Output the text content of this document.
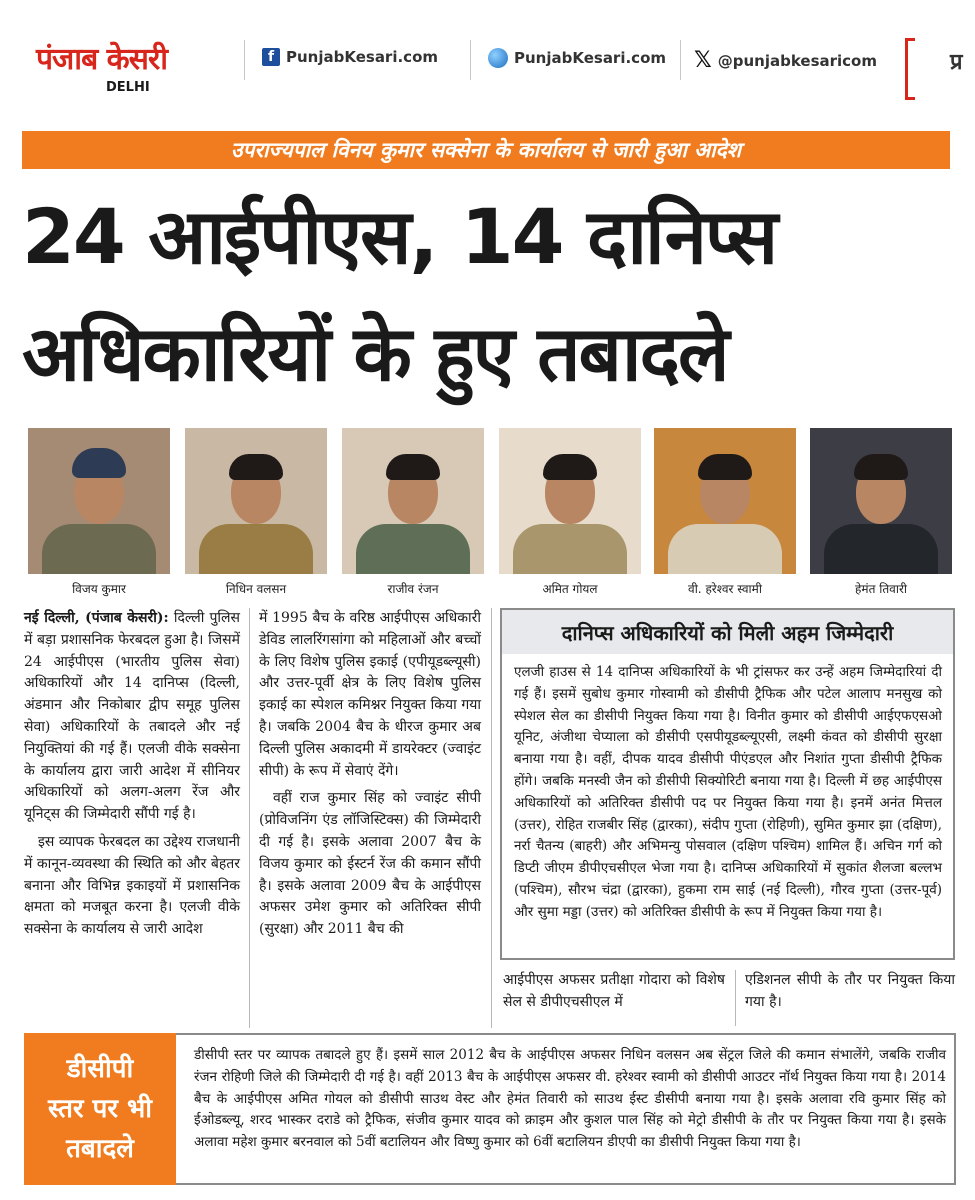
पंजाब केसरी
DELHI
f PunjabKesari.com	PunjabKesari.com 𝕏 @punjabkesaricom	प्र
उपराज्यपाल विनय कुमार सक्सेना के कार्यालय से जारी हुआ आदेश
24 आईपीएस, 14 दानिप्स
अधिकारियों के हुए तबादले
विजय कुमार	निधिन वलसन	राजीव रंजन	अमित गोयल	वी. हरेश्वर स्वामी	हेमंत तिवारी

नई दिल्ली, (पंजाब केसरी): दिल्ली पुलिस में बड़ा प्रशासनिक फेरबदल हुआ है। जिसमें 24 आईपीएस (भारतीय पुलिस सेवा) अधिकारियों और 14 दानिप्स (दिल्ली, अंडमान और निकोबार द्वीप समूह पुलिस सेवा) अधिकारियों के तबादले और नई नियुक्तियां की गई हैं। एलजी वीके सक्सेना के कार्यालय द्वारा जारी आदेश में सीनियर अधिकारियों को अलग-अलग रेंज और यूनिट्स की जिम्मेदारी सौंपी गई है।

इस व्यापक फेरबदल का उद्देश्य राजधानी में कानून-व्यवस्था की स्थिति को और बेहतर बनाना और विभिन्न इकाइयों में प्रशासनिक क्षमता को मजबूत करना है। एलजी वीके सक्सेना के कार्यालय से जारी आदेश

में 1995 बैच के वरिष्ठ आईपीएस अधिकारी डेविड लालरिंगसांगा को महिलाओं और बच्चों के लिए विशेष पुलिस इकाई (एपीयूडब्ल्यूसी) और उत्तर-पूर्वी क्षेत्र के लिए विशेष पुलिस इकाई का स्पेशल कमिश्नर नियुक्त किया गया है। जबकि 2004 बैच के धीरज कुमार अब दिल्ली पुलिस अकादमी में डायरेक्टर (ज्वाइंट सीपी) के रूप में सेवाएं देंगे।

वहीं राज कुमार सिंह को ज्वाइंट सीपी (प्रोविजनिंग एंड लॉजिस्टिक्स) की जिम्मेदारी दी गई है। इसके अलावा 2007 बैच के विजय कुमार को ईस्टर्न रेंज की कमान सौंपी है। इसके अलावा 2009 बैच के आईपीएस अफसर उमेश कुमार को अतिरिक्त सीपी (सुरक्षा) और 2011 बैच की

दानिप्स अधिकारियों को मिली अहम जिम्मेदारी
एलजी हाउस से 14 दानिप्स अधिकारियों के भी ट्रांसफर कर उन्हें अहम जिम्मेदारियां दी गई हैं। इसमें सुबोध कुमार गोस्वामी को डीसीपी ट्रैफिक और पटेल आलाप मनसुख को स्पेशल सेल का डीसीपी नियुक्त किया गया है। विनीत कुमार को डीसीपी आईएफएसओ यूनिट, अंजीथा चेप्याला को डीसीपी एसपीयूडब्ल्यूएसी, लक्ष्मी कंवत को डीसीपी सुरक्षा बनाया गया है। वहीं, दीपक यादव डीसीपी पीएंडएल और निशांत गुप्ता डीसीपी ट्रैफिक होंगे। जबकि मनस्वी जैन को डीसीपी सिक्योरिटी बनाया गया है। दिल्ली में छह आईपीएस अधिकारियों को अतिरिक्त डीसीपी पद पर नियुक्त किया गया है। इनमें अनंत मित्तल (उत्तर), रोहित राजबीर सिंह (द्वारका), संदीप गुप्ता (रोहिणी), सुमित कुमार झा (दक्षिण), नर्रा चैतन्य (बाहरी) और अभिमन्यु पोसवाल (दक्षिण पश्चिम) शामिल हैं। अचिन गर्ग को डिप्टी जीएम डीपीएचसीएल भेजा गया है। दानिप्स अधिकारियों में सुकांत शैलजा बल्लभ (पश्चिम), सौरभ चंद्रा (द्वारका), हुकमा राम साई (नई दिल्ली), गौरव गुप्ता (उत्तर-पूर्व) और सुमा मड्डा (उत्तर) को अतिरिक्त डीसीपी के रूप में नियुक्त किया गया है।
आईपीएस अफसर प्रतीक्षा गोदारा को विशेष सेल से डीपीएचसीएल में
एडिशनल सीपी के तौर पर नियुक्त किया गया है।
डीसीपी
स्तर पर भी
तबादले
डीसीपी स्तर पर व्यापक तबादले हुए हैं। इसमें साल 2012 बैच के आईपीएस अफसर निधिन वलसन अब सेंट्रल जिले की कमान संभालेंगे, जबकि राजीव रंजन रोहिणी जिले की जिम्मेदारी दी गई है। वहीं 2013 बैच के आईपीएस अफसर वी. हरेश्वर स्वामी को डीसीपी आउटर नॉर्थ नियुक्त किया गया है। 2014 बैच के आईपीएस अमित गोयल को डीसीपी साउथ वेस्ट और हेमंत तिवारी को साउथ ईस्ट डीसीपी बनाया गया है। इसके अलावा रवि कुमार सिंह को ईओडब्ल्यू, शरद भास्कर दराडे को ट्रैफिक, संजीव कुमार यादव को क्राइम और कुशल पाल सिंह को मेट्रो डीसीपी के तौर पर नियुक्त किया गया है। इसके अलावा महेश कुमार बरनवाल को 5वीं बटालियन और विष्णु कुमार को 6वीं बटालियन डीएपी का डीसीपी नियुक्त किया गया है।
